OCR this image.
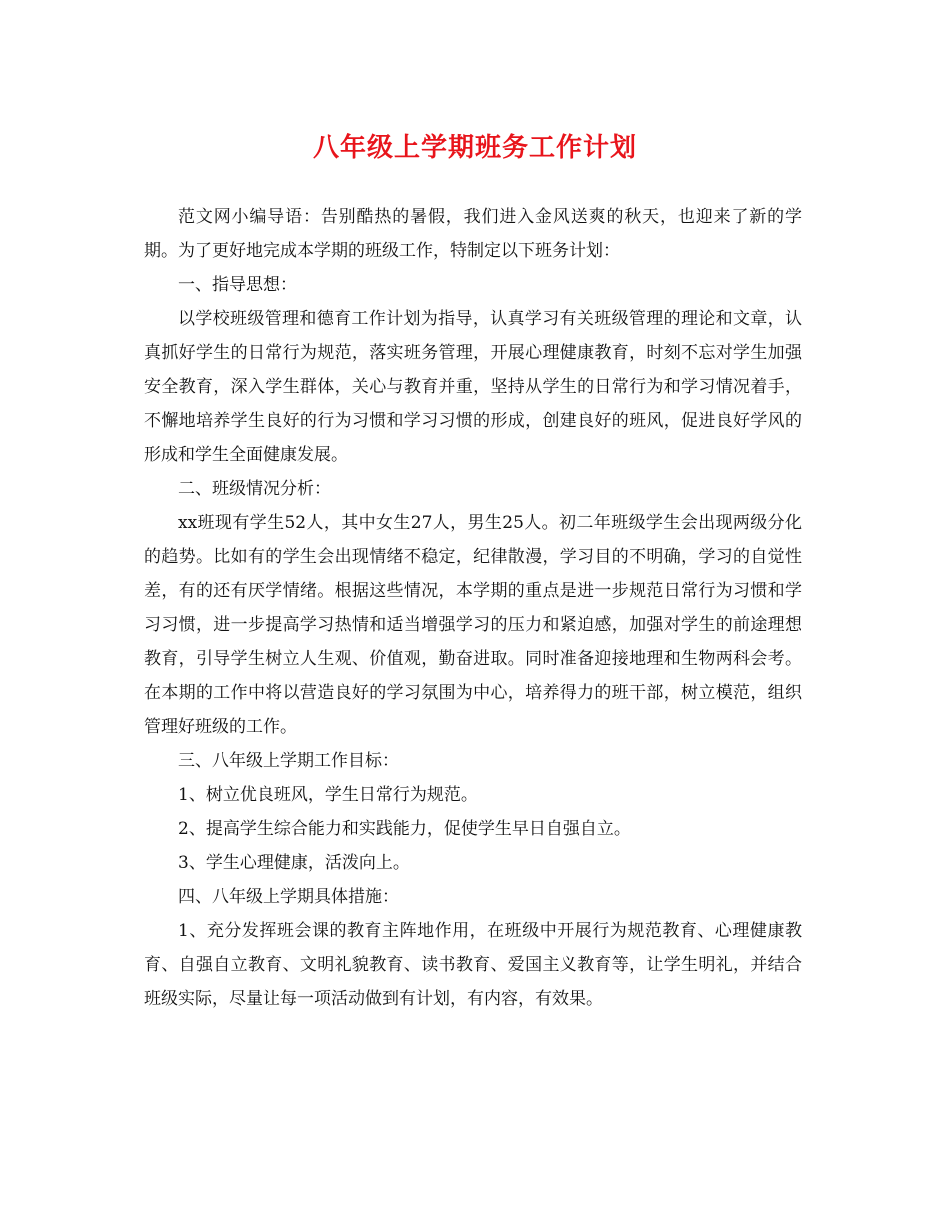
八年级上学期班务工作计划

范文网小编导语：告别酷热的暑假，我们进入金风送爽的秋天，也迎来了新的学期。为了更好地完成本学期的班级工作，特制定以下班务计划：

一、指导思想：

以学校班级管理和德育工作计划为指导，认真学习有关班级管理的理论和文章，认真抓好学生的日常行为规范，落实班务管理，开展心理健康教育，时刻不忘对学生加强安全教育，深入学生群体，关心与教育并重，坚持从学生的日常行为和学习情况着手，不懈地培养学生良好的行为习惯和学习习惯的形成，创建良好的班风，促进良好学风的形成和学生全面健康发展。

二、班级情况分析：

xx班现有学生52人，其中女生27人，男生25人。初二年班级学生会出现两级分化的趋势。比如有的学生会出现情绪不稳定，纪律散漫，学习目的不明确，学习的自觉性差，有的还有厌学情绪。根据这些情况，本学期的重点是进一步规范日常行为习惯和学习习惯，进一步提高学习热情和适当增强学习的压力和紧迫感，加强对学生的前途理想教育，引导学生树立人生观、价值观，勤奋进取。同时准备迎接地理和生物两科会考。在本期的工作中将以营造良好的学习氛围为中心，培养得力的班干部，树立模范，组织管理好班级的工作。

三、八年级上学期工作目标：

1、树立优良班风，学生日常行为规范。

2、提高学生综合能力和实践能力，促使学生早日自强自立。

3、学生心理健康，活泼向上。

四、八年级上学期具体措施：

1、充分发挥班会课的教育主阵地作用，在班级中开展行为规范教育、心理健康教育、自强自立教育、文明礼貌教育、读书教育、爱国主义教育等，让学生明礼，并结合班级实际，尽量让每一项活动做到有计划，有内容，有效果。
